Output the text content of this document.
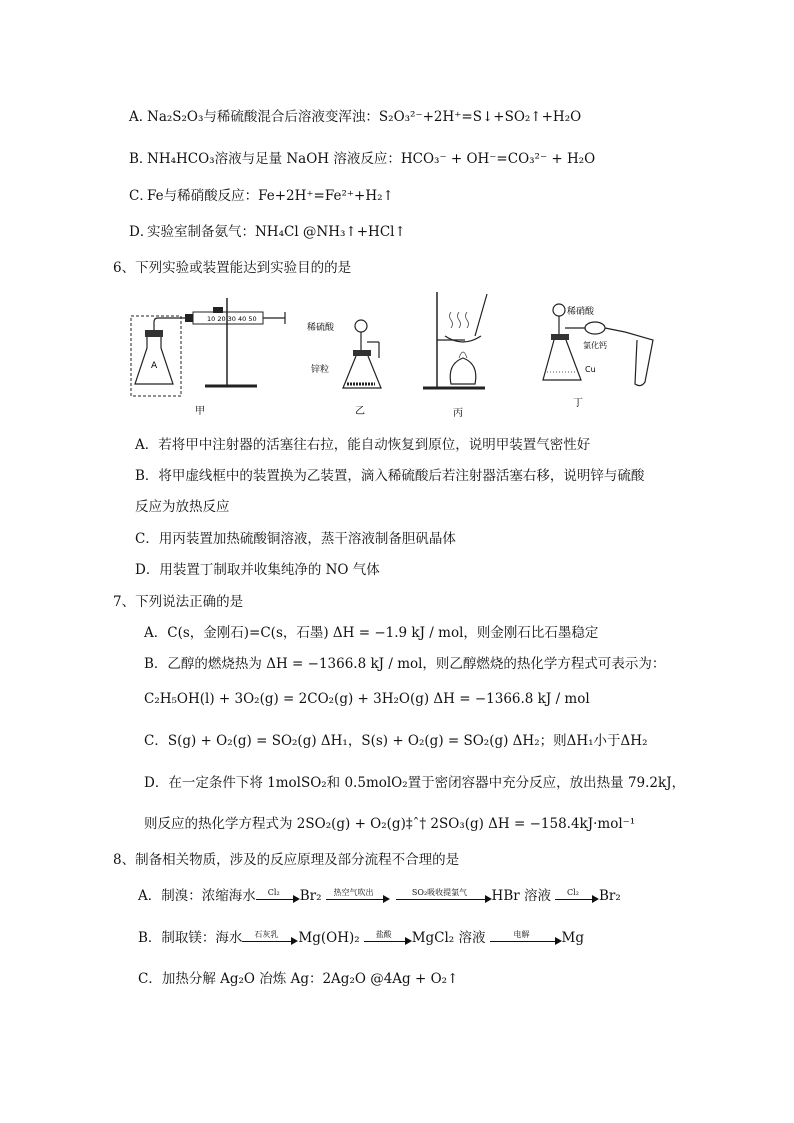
Na₂S₂O₃与稀硫酸混合后溶液变浑浊：S₂O₃²⁻+2H⁺=S↓+SO₂↑+H₂O
A．
NH₄HCO₃溶液与足量 NaOH 溶液反应：HCO₃⁻ + OH⁻=CO₃²⁻ + H₂O
B．
Fe与稀硝酸反应：Fe+2H⁺=Fe²⁺+H₂↑
C．
实验室制备氨气：NH₄Cl @NH₃↑+HCl↑
D．
6、下列实验或装置能达到实验目的的是
A
10 20 30 40 50
甲
稀硫酸
锌粒
乙	丙
稀硝酸
氯化钙
Cu
丁
A．若将甲中注射器的活塞往右拉，能自动恢复到原位，说明甲装置气密性好
B．将甲虚线框中的装置换为乙装置，滴入稀硫酸后若注射器活塞右移，说明锌与硫酸
反应为放热反应
C．用丙装置加热硫酸铜溶液，蒸干溶液制备胆矾晶体
D．用装置丁制取并收集纯净的 NO 气体
7、下列说法正确的是
A．C(s，金刚石)=C(s，石墨) ΔH = −1.9 kJ / mol，则金刚石比石墨稳定
B．乙醇的燃烧热为 ΔH = −1366.8 kJ / mol，则乙醇燃烧的热化学方程式可表示为：
C₂H₅OH(l) + 3O₂(g) = 2CO₂(g) + 3H₂O(g) ΔH = −1366.8 kJ / mol
C．S(g) + O₂(g) = SO₂(g) ΔH₁，S(s) + O₂(g) = SO₂(g) ΔH₂；则ΔH₁小于ΔH₂
D．在一定条件下将 1molSO₂和 0.5molO₂置于密闭容器中充分反应，放出热量 79.2kJ，
则反应的热化学方程式为 2SO₂(g) + O₂(g)‡ˆ† 2SO₃(g) ΔH = −158.4kJ·mol⁻¹
8、制备相关物质，涉及的反应原理及部分流程不合理的是
A．制溴：浓缩海水	Cl₂	Br₂	热空气吹出	SO₂吸收提氯气	HBr 溶液	Cl₂	Br₂
B．制取镁：海水	石灰乳	Mg(OH)₂	盐酸	MgCl₂ 溶液	电解	Mg
C．加热分解 Ag₂O 冶炼 Ag：2Ag₂O @4Ag + O₂↑
